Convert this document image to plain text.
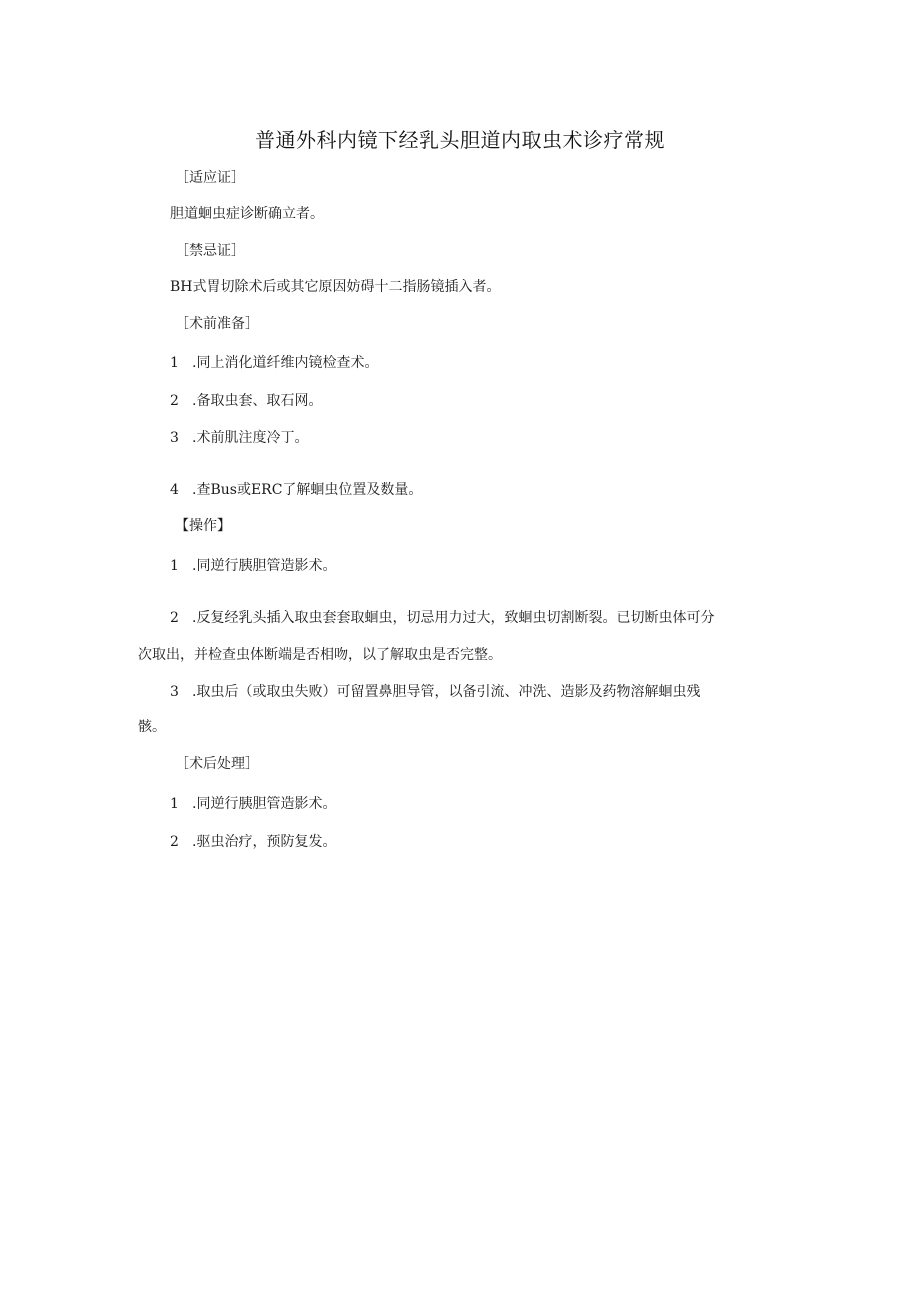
普通外科内镜下经乳头胆道内取虫术诊疗常规
［适应证］
胆道蛔虫症诊断确立者。
［禁忌证］
BH式胃切除术后或其它原因妨碍十二指肠镜插入者。
［术前准备］
1 .同上消化道纤维内镜检查术。
2 .备取虫套、取石网。
3 .术前肌注度冷丁。
4 .查Bus或ERC了解蛔虫位置及数量。
【操作】
1 .同逆行胰胆管造影术。
2 .反复经乳头插入取虫套套取蛔虫，切忌用力过大，致蛔虫切割断裂。已切断虫体可分
次取出，并检查虫体断端是否相吻，以了解取虫是否完整。
3 .取虫后（或取虫失败）可留置鼻胆导管，以备引流、冲洗、造影及药物溶解蛔虫残
骸。
［术后处理］
1 .同逆行胰胆管造影术。
2 .驱虫治疗，预防复发。
